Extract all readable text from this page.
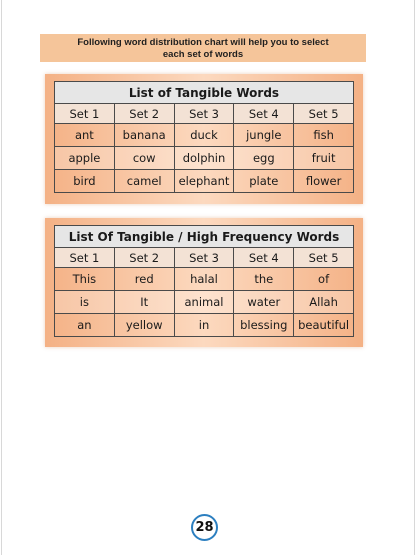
Following word distribution chart will help you to select
each set of words
List of Tangible Words				
Set 1	Set 2	Set 3	Set 4	Set 5
ant	banana	duck	jungle	fish
apple	cow	dolphin	egg	fruit
bird	camel	elephant	plate	flower
List Of Tangible / High Frequency Words				
Set 1	Set 2	Set 3	Set 4	Set 5
This	red	halal	the	of
is	It	animal	water	Allah
an	yellow	in	blessing	beautiful
28
